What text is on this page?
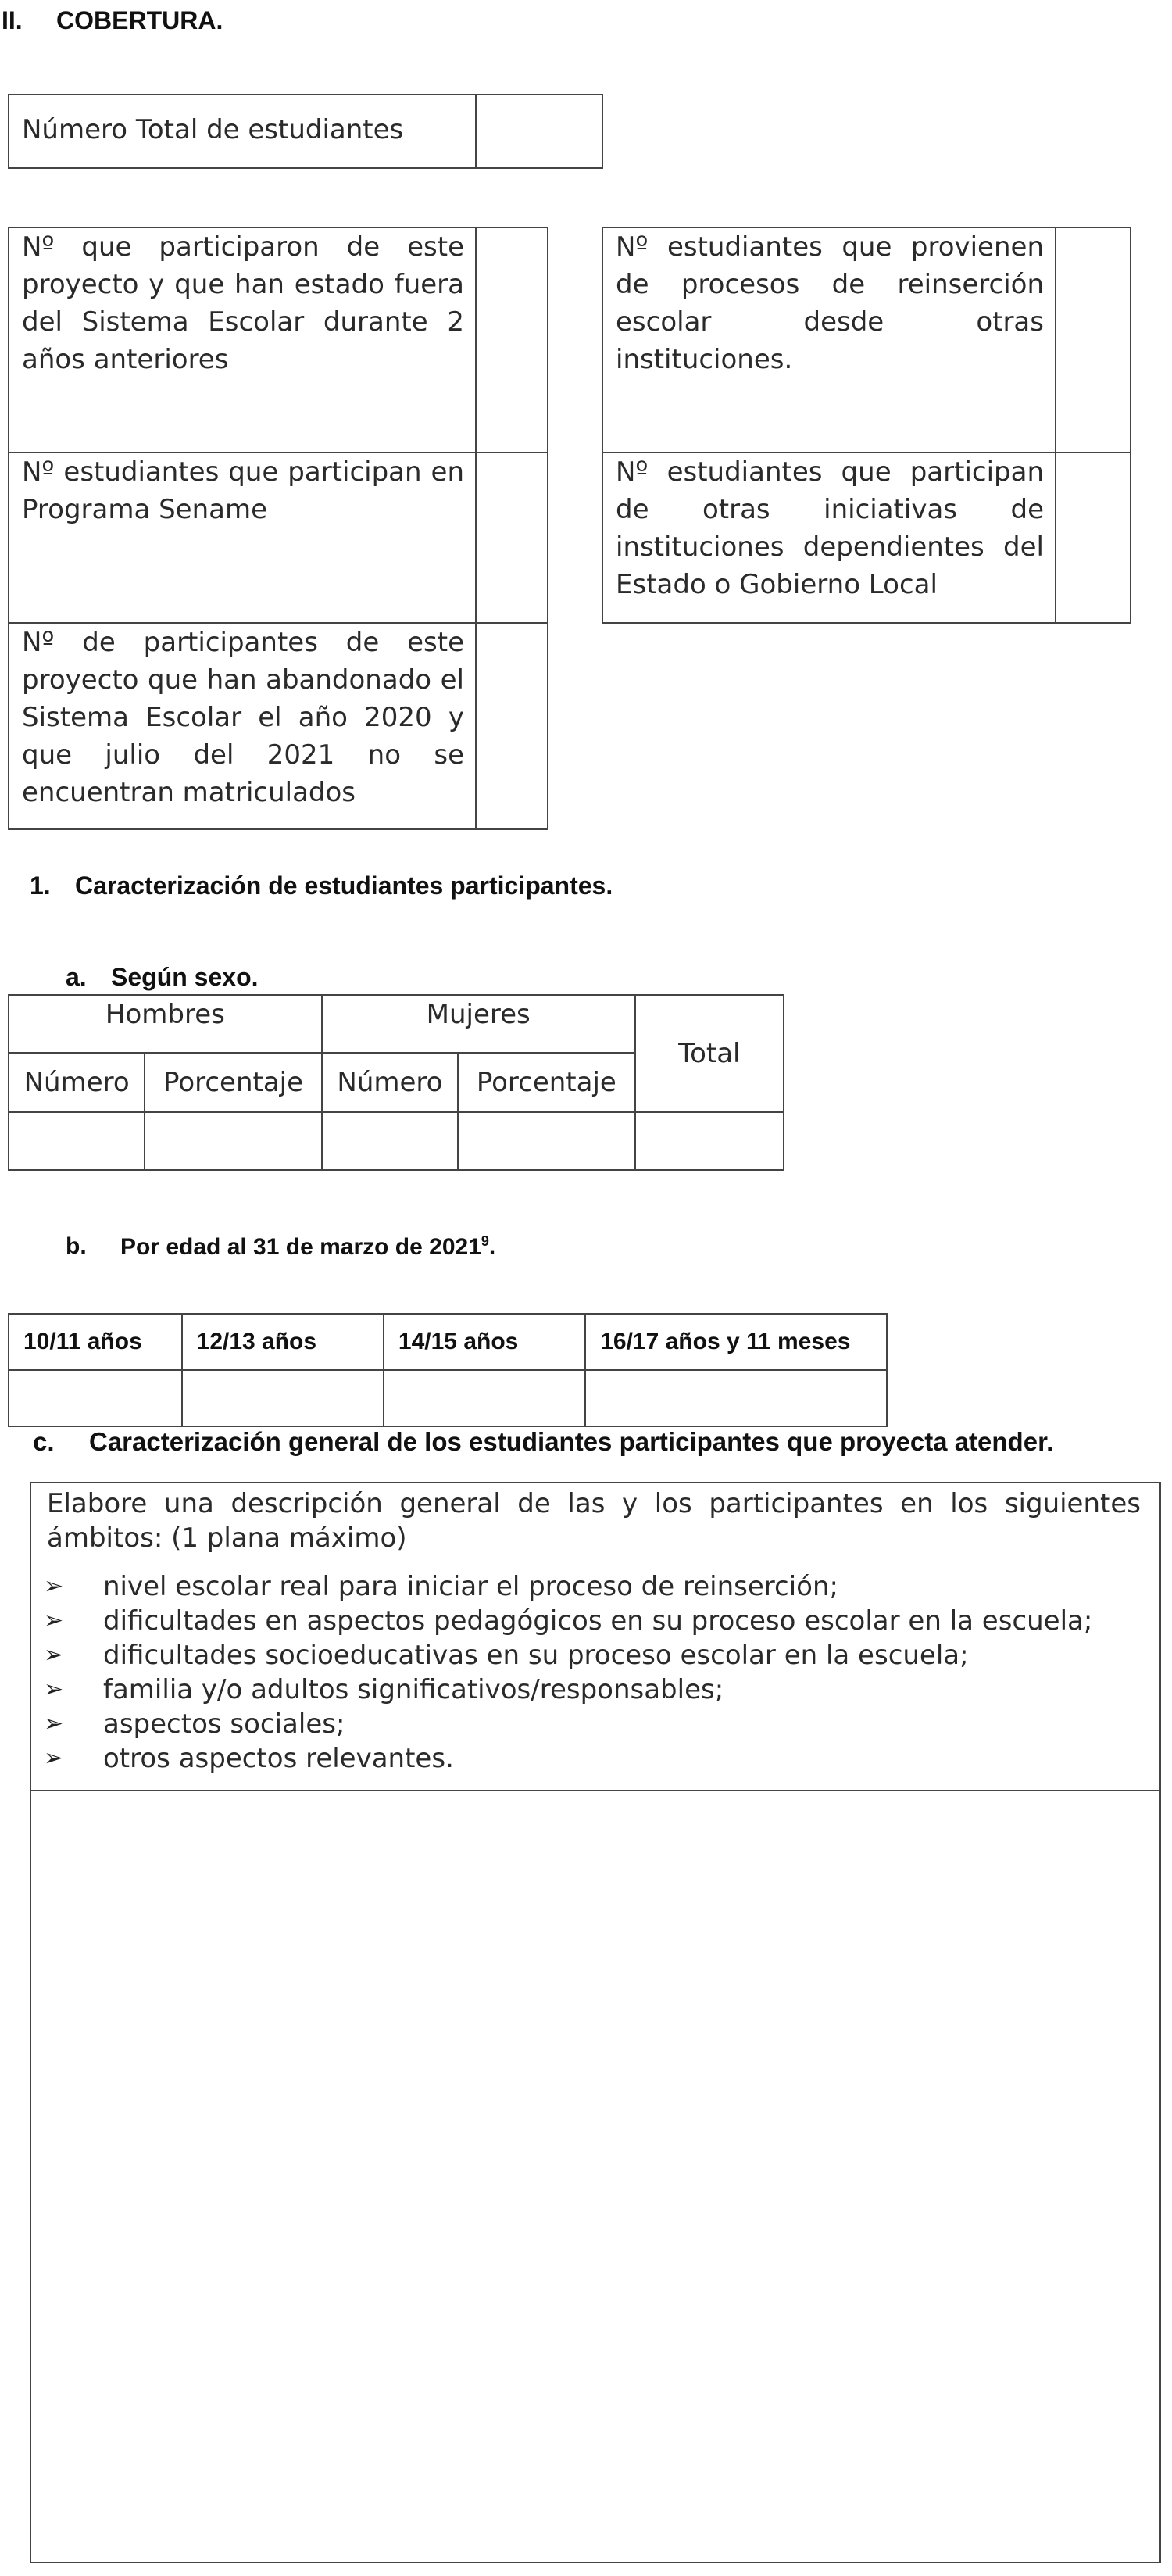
II. COBERTURA.
Número Total de estudiantes
Nº que participaron de este proyecto y que han estado fuera del Sistema Escolar durante 2 años anteriores
Nº estudiantes que participan en Programa Sename
Nº de participantes de este proyecto que han abandonado el Sistema Escolar el año 2020 y que julio del 2021 no se encuentran matriculados
Nº estudiantes que provienen de procesos de reinserción escolar desde otras instituciones.
Nº estudiantes que participan de otras iniciativas de instituciones dependientes del Estado o Gobierno Local
1. Caracterización de estudiantes participantes.
a. Según sexo.
Hombres		Mujeres		Total
Número	Porcentaje	Número	Porcentaje	

b. Por edad al 31 de marzo de 2021$^9$.
10/11 años	12/13 años	14/15 años	16/17 años y 11 meses

c. Caracterización general de los estudiantes participantes que proyecta atender.
Elabore una descripción general de las y los participantes en los siguientes ámbitos: (1 plana máximo)
➢ nivel escolar real para iniciar el proceso de reinserción;
➢ dificultades en aspectos pedagógicos en su proceso escolar en la escuela;
➢ dificultades socioeducativas en su proceso escolar en la escuela;
➢ familia y/o adultos significativos/responsables;
➢ aspectos sociales;
➢ otros aspectos relevantes.
